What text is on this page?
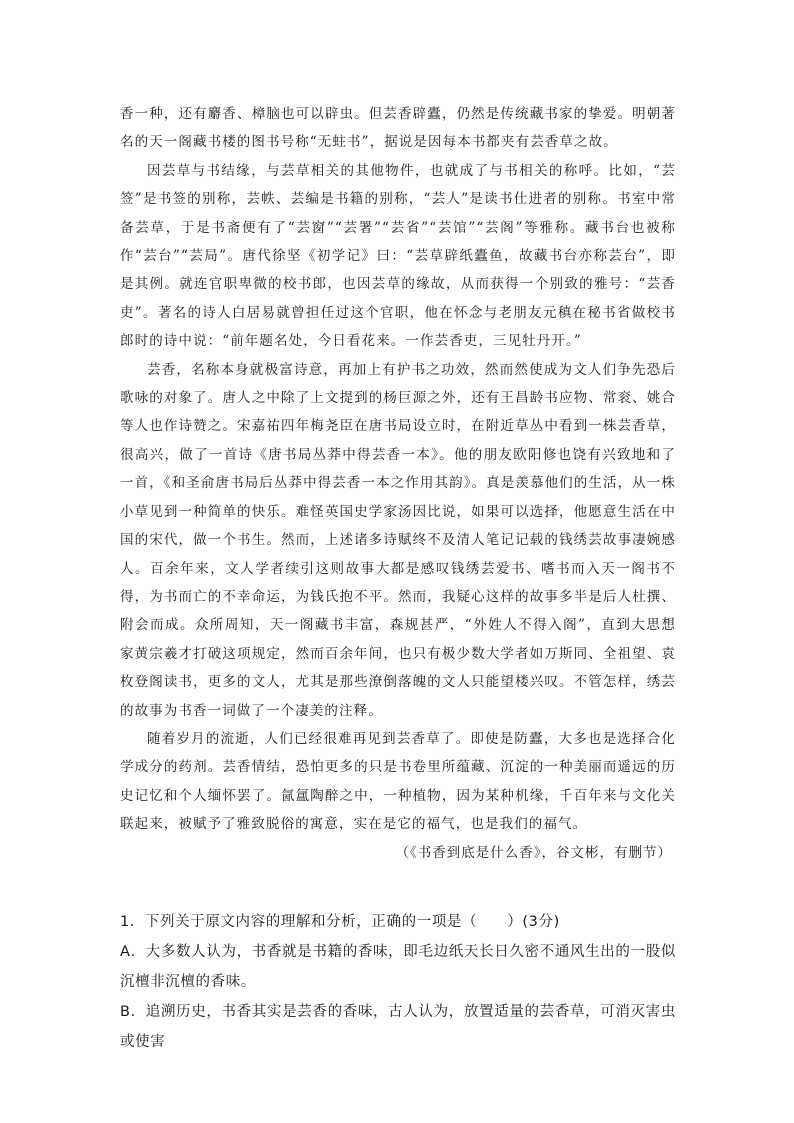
香一种，还有麝香、樟脑也可以辟虫。但芸香辟蠹，仍然是传统藏书家的挚爱。明朝著名的天一阁藏书楼的图书号称“无蛀书”，据说是因每本书都夹有芸香草之故。

因芸草与书结缘，与芸草相关的其他物件，也就成了与书相关的称呼。比如，“芸签”是书签的别称，芸帙、芸编是书籍的别称，“芸人”是读书仕进者的别称。书室中常备芸草，于是书斋便有了“芸窗”“芸署”“芸省”“芸馆”“芸阁”等雅称。藏书台也被称作“芸台”“芸局”。唐代徐坚《初学记》曰：“芸草辟纸蠹鱼，故藏书台亦称芸台”，即是其例。就连官职卑微的校书郎，也因芸草的缘故，从而获得一个别致的雅号：“芸香吏”。著名的诗人白居易就曾担任过这个官职，他在怀念与老朋友元稹在秘书省做校书郎时的诗中说：“前年题名处，今日看花来。一作芸香吏，三见牡丹开。”

芸香，名称本身就极富诗意，再加上有护书之功效，然而然使成为文人们争先恐后歌咏的对象了。唐人之中除了上文提到的杨巨源之外，还有王昌龄书应物、常衮、姚合等人也作诗赞之。宋嘉祐四年梅尧臣在唐书局设立时，在附近草丛中看到一株芸香草，很高兴，做了一首诗《唐书局丛莽中得芸香一本》。他的朋友欧阳修也饶有兴致地和了一首，《和圣俞唐书局后丛莽中得芸香一本之作用其韵》。真是羡慕他们的生活，从一株小草见到一种简单的快乐。难怪英国史学家汤因比说，如果可以选择，他愿意生活在中国的宋代，做一个书生。然而，上述诸多诗赋终不及清人笔记记载的钱绣芸故事凄婉感人。百余年来，文人学者续引这则故事大都是感叹钱绣芸爱书、嗜书而入天一阁书不得，为书而亡的不幸命运，为钱氏抱不平。然而，我疑心这样的故事多半是后人杜撰、附会而成。众所周知，天一阁藏书丰富，森规甚严，“外姓人不得入阁”，直到大思想家黄宗羲才打破这项规定，然而百余年间，也只有极少数大学者如万斯同、全祖望、袁枚登阁读书，更多的文人，尤其是那些潦倒落魄的文人只能望楼兴叹。不管怎样，绣芸的故事为书香一词做了一个凄美的注释。

随着岁月的流逝，人们已经很难再见到芸香草了。即使是防蠹，大多也是选择合化学成分的药剂。芸香情结，恐怕更多的只是书卷里所蕴藏、沉淀的一种美丽而遥远的历史记忆和个人缅怀罢了。氤氲陶醉之中，一种植物，因为某种机缘，千百年来与文化关联起来，被赋予了雅致脱俗的寓意，实在是它的福气，也是我们的福气。

（《书香到底是什么香》，谷文彬，有删节）

1．下列关于原文内容的理解和分析，正确的一项是（　　）(3分)

A．大多数人认为，书香就是书籍的香味，即毛边纸天长日久密不通风生出的一股似沉檀非沉檀的香味。

B．追溯历史，书香其实是芸香的香味，古人认为，放置适量的芸香草，可消灭害虫或使害
